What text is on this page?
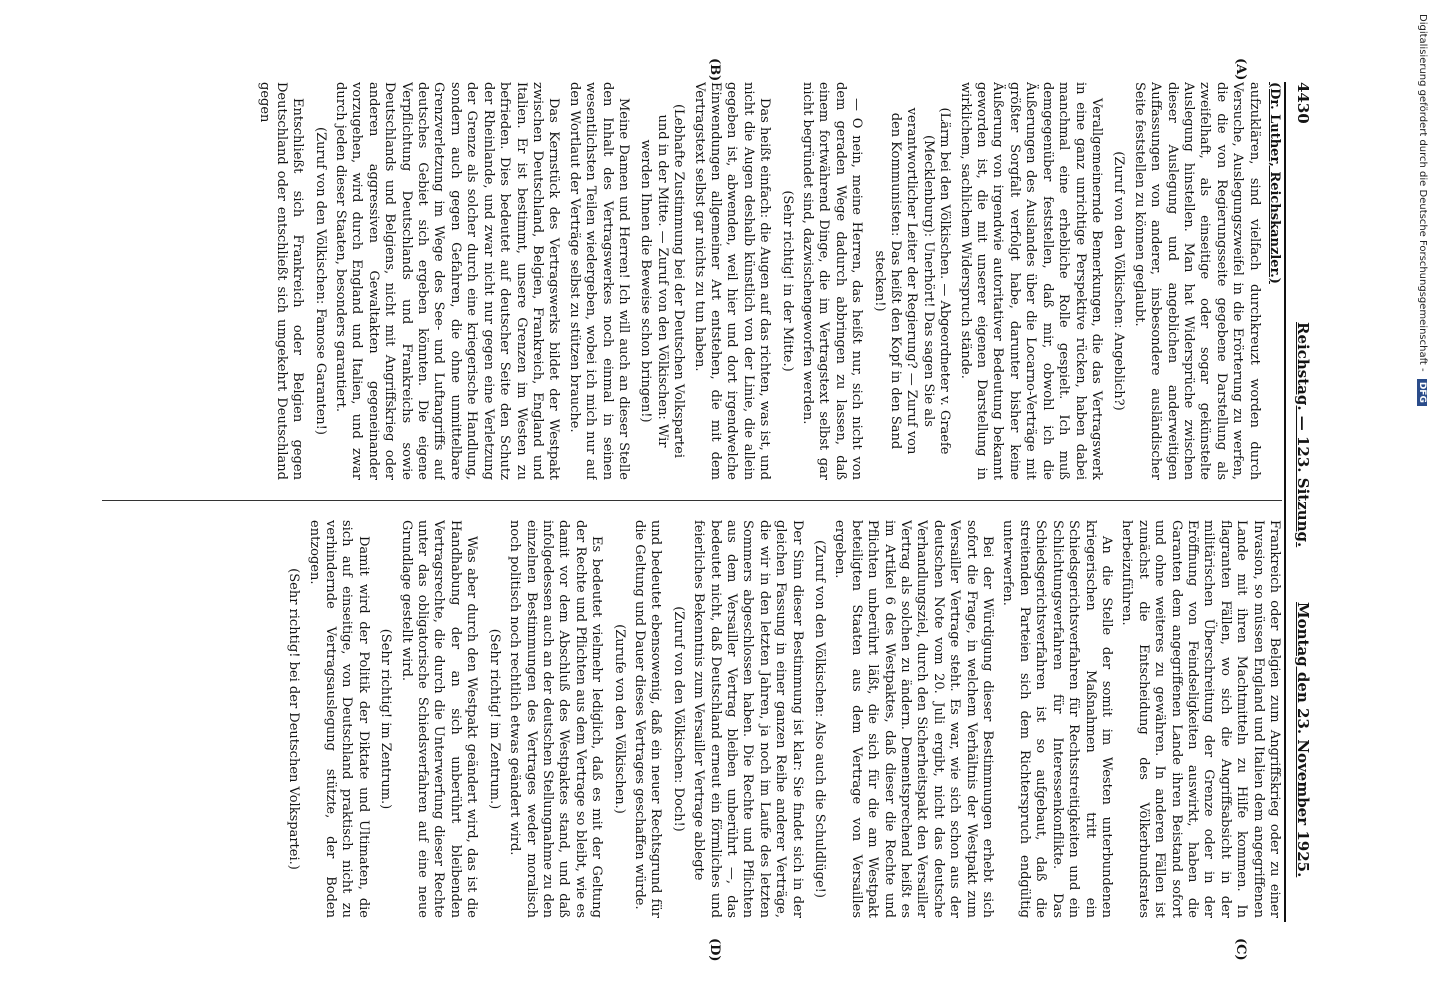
Digitalisierung gefördert durch die Deutsche Forschungsgemeinschaft - DFG
4430
Reichstag. — 123. Sitzung.
Montag den 23. November 1925.
(A)
(B)
(C)
(D)

(Dr. Luther, Reichskanzler.)

aufzuklären, sind vielfach durchkreuzt worden durch Versuche, Auslegungszweifel in die Erörterung zu werfen, die die von Regierungsseite gegebene Darstellung als zweifelhaft, als einseitige oder sogar gekünstelte Auslegung hinstellen. Man hat Widersprüche zwischen dieser Auslegung und angeblichen anderweitigen Auffassungen von anderer, insbesondere ausländischer Seite feststellen zu können geglaubt.

(Zuruf von den Völkischen: Angeblich?)

Verallgemeinernde Bemerkungen, die das Vertragswerk in eine ganz unrichtige Perspektive rücken, haben dabei manchmal eine erhebliche Rolle gespielt. Ich muß demgegenüber feststellen, daß mir, obwohl ich die Äußerungen des Auslandes über die Locarno-Verträge mit größter Sorgfalt verfolgt habe, darunter bisher keine Äußerung von irgendwie autoritativer Bedeutung bekannt geworden ist, die mit unserer eigenen Darstellung in wirklichem, sachlichem Widerspruch stände.

(Lärm bei den Völkischen. — Abgeordneter v. Graefe (Mecklenburg): Unerhört! Das sagen Sie als verantwortlicher Leiter der Regierung? — Zuruf von den Kommunisten: Das heißt den Kopf in den Sand stecken!)

— O nein, meine Herren, das heißt nur, sich nicht von dem geraden Wege dadurch abbringen zu lassen, daß einem fortwährend Dinge, die im Vertragstext selbst gar nicht begründet sind, dazwischengeworfen werden.

(Sehr richtig! in der Mitte.)

Das heißt einfach: die Augen auf das richten, was ist, und nicht die Augen deshalb künstlich von der Linie, die allein gegeben ist, abwenden, weil hier und dort irgendwelche Einwendungen allgemeiner Art entstehen, die mit dem Vertragstext selbst gar nichts zu tun haben.

(Lebhafte Zustimmung bei der Deutschen Volkspartei und in der Mitte. — Zuruf von den Völkischen: Wir werden Ihnen die Beweise schon bringen!)

Meine Damen und Herren! Ich will auch an dieser Stelle den Inhalt des Vertragswerkes noch einmal in seinen wesentlichsten Teilen wiedergeben, wobei ich mich nur auf den Wortlaut der Verträge selbst zu stützen brauche.

Das Kernstück des Vertragswerks bildet der Westpakt zwischen Deutschland, Belgien, Frankreich, England und Italien. Er ist bestimmt, unsere Grenzen im Westen zu befrieden. Dies bedeutet auf deutscher Seite den Schutz der Rheinlande, und zwar nicht nur gegen eine Verletzung der Grenze als solcher durch eine kriegerische Handlung, sondern auch gegen Gefahren, die ohne unmittelbare Grenzverletzung im Wege des See- und Luftangriffs auf deutsches Gebiet sich ergeben könnten. Die eigene Verpflichtung Deutschlands und Frankreichs sowie Deutschlands und Belgiens, nicht mit Angriffskrieg oder anderen aggressiven Gewaltakten gegeneinander vorzugehen, wird durch England und Italien, und zwar durch jeden dieser Staaten, besonders garantiert.

(Zuruf von den Völkischen: Famose Garanten!)

Entschließt sich Frankreich oder Belgien gegen Deutschland oder entschließt sich umgekehrt Deutschland gegen

Frankreich oder Belgien zum Angriffskrieg oder zu einer Invasion, so müssen England und Italien dem angegriffenen Lande mit ihren Machtmitteln zu Hilfe kommen. In flagranten Fällen, wo sich die Angriffsabsicht in der militärischen Überschreitung der Grenze oder in der Eröffnung von Feindseligkeiten auswirkt, haben die Garanten dem angegriffenen Lande ihren Beistand sofort und ohne weiteres zu gewähren. In anderen Fällen ist zunächst die Entscheidung des Völkerbundsrates herbeizuführen.

An die Stelle der somit im Westen unterbundenen kriegerischen Maßnahmen tritt ein Schiedsgerichtsverfahren für Rechtsstreitigkeiten und ein Schlichtungsverfahren für Interessenkonflikte. Das Schiedsgerichtsverfahren ist so aufgebaut, daß die streitenden Parteien sich dem Richterspruch endgültig unterwerfen.

Bei der Würdigung dieser Bestimmungen erhebt sich sofort die Frage, in welchem Verhältnis der Westpakt zum Versailler Vertrage steht. Es war, wie sich schon aus der deutschen Note vom 20. Juli ergibt, nicht das deutsche Verhandlungsziel, durch den Sicherheitspakt den Versailler Vertrag als solchen zu ändern. Dementsprechend heißt es im Artikel 6 des Westpaktes, daß dieser die Rechte und Pflichten unberührt läßt, die sich für die am Westpakt beteiligten Staaten aus dem Vertrage von Versailles ergeben.

(Zuruf von den Völkischen: Also auch die Schuldlüge!)

Der Sinn dieser Bestimmung ist klar: Sie findet sich in der gleichen Fassung in einer ganzen Reihe anderer Verträge, die wir in den letzten Jahren, ja noch im Laufe des letzten Sommers abgeschlossen haben. Die Rechte und Pflichten aus dem Versailler Vertrag bleiben unberührt —, das bedeutet nicht, daß Deutschland erneut ein förmliches und feierliches Bekenntnis zum Versailler Vertrage ablegte

(Zuruf von den Völkischen: Doch!)

und bedeutet ebensowenig, daß ein neuer Rechtsgrund für die Geltung und Dauer dieses Vertrages geschaffen würde.

(Zurufe von den Völkischen.)

Es bedeutet vielmehr lediglich, daß es mit der Geltung der Rechte und Pflichten aus dem Vertrage so bleibt, wie es damit vor dem Abschluß des Westpaktes stand, und daß infolgedessen auch an der deutschen Stellungnahme zu den einzelnen Bestimmungen des Vertrages weder moralisch noch politisch noch rechtlich etwas geändert wird.

(Sehr richtig! im Zentrum.)

Was aber durch den Westpakt geändert wird, das ist die Handhabung der an sich unberührt bleibenden Vertragsrechte, die durch die Unterwerfung dieser Rechte unter das obligatorische Schiedsverfahren auf eine neue Grundlage gestellt wird.

(Sehr richtig! im Zentrum.)

Damit wird der Politik der Diktate und Ultimaten, die sich auf einseitige, von Deutschland praktisch nicht zu verhindernde Vertragsauslegung stützte, der Boden entzogen.

(Sehr richtig! bei der Deutschen Volkspartei.)
